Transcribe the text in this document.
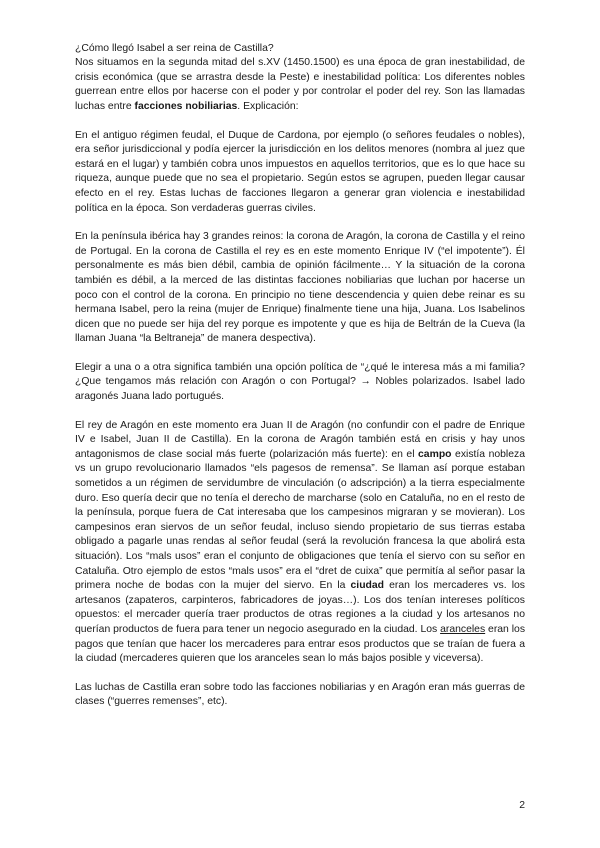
¿Cómo llegó Isabel a ser reina de Castilla?

Nos situamos en la segunda mitad del s.XV (1450.1500) es una época de gran inestabilidad, de crisis económica (que se arrastra desde la Peste) e inestabilidad política: Los diferentes nobles guerrean entre ellos por hacerse con el poder y por controlar el poder del rey. Son las llamadas luchas entre facciones nobiliarias. Explicación:

En el antiguo régimen feudal, el Duque de Cardona, por ejemplo (o señores feudales o nobles), era señor jurisdiccional y podía ejercer la jurisdicción en los delitos menores (nombra al juez que estará en el lugar) y también cobra unos impuestos en aquellos territorios, que es lo que hace su riqueza, aunque puede que no sea el propietario. Según estos se agrupen, pueden llegar causar efecto en el rey. Estas luchas de facciones llegaron a generar gran violencia e inestabilidad política en la época. Son verdaderas guerras civiles.

En la península ibérica hay 3 grandes reinos: la corona de Aragón, la corona de Castilla y el reino de Portugal. En la corona de Castilla el rey es en este momento Enrique IV (“el impotente”). Él personalmente es más bien débil, cambia de opinión fácilmente… Y la situación de la corona también es débil, a la merced de las distintas facciones nobiliarias que luchan por hacerse un poco con el control de la corona. En principio no tiene descendencia y quien debe reinar es su hermana Isabel, pero la reina (mujer de Enrique) finalmente tiene una hija, Juana. Los Isabelinos dicen que no puede ser hija del rey porque es impotente y que es hija de Beltrán de la Cueva (la llaman Juana “la Beltraneja” de manera despectiva).

Elegir a una o a otra significa también una opción política de “¿qué le interesa más a mi familia? ¿Que tengamos más relación con Aragón o con Portugal? → Nobles polarizados. Isabel lado aragonés Juana lado portugués.

El rey de Aragón en este momento era Juan II de Aragón (no confundir con el padre de Enrique IV e Isabel, Juan II de Castilla). En la corona de Aragón también está en crisis y hay unos antagonismos de clase social más fuerte (polarización más fuerte): en el campo existía nobleza vs un grupo revolucionario llamados “els pagesos de remensa”. Se llaman así porque estaban sometidos a un régimen de servidumbre de vinculación (o adscripción) a la tierra especialmente duro. Eso quería decir que no tenía el derecho de marcharse (solo en Cataluña, no en el resto de la península, porque fuera de Cat interesaba que los campesinos migraran y se movieran). Los campesinos eran siervos de un señor feudal, incluso siendo propietario de sus tierras estaba obligado a pagarle unas rendas al señor feudal (será la revolución francesa la que abolirá esta situación). Los “mals usos” eran el conjunto de obligaciones que tenía el siervo con su señor en Cataluña. Otro ejemplo de estos “mals usos” era el “dret de cuixa” que permitía al señor pasar la primera noche de bodas con la mujer del siervo. En la ciudad eran los mercaderes vs. los artesanos (zapateros, carpinteros, fabricadores de joyas…). Los dos tenían intereses políticos opuestos: el mercader quería traer productos de otras regiones a la ciudad y los artesanos no querían productos de fuera para tener un negocio asegurado en la ciudad. Los aranceles eran los pagos que tenían que hacer los mercaderes para entrar esos productos que se traían de fuera a la ciudad (mercaderes quieren que los aranceles sean lo más bajos posible y viceversa).

Las luchas de Castilla eran sobre todo las facciones nobiliarias y en Aragón eran más guerras de clases (“guerres remenses”, etc).

2
